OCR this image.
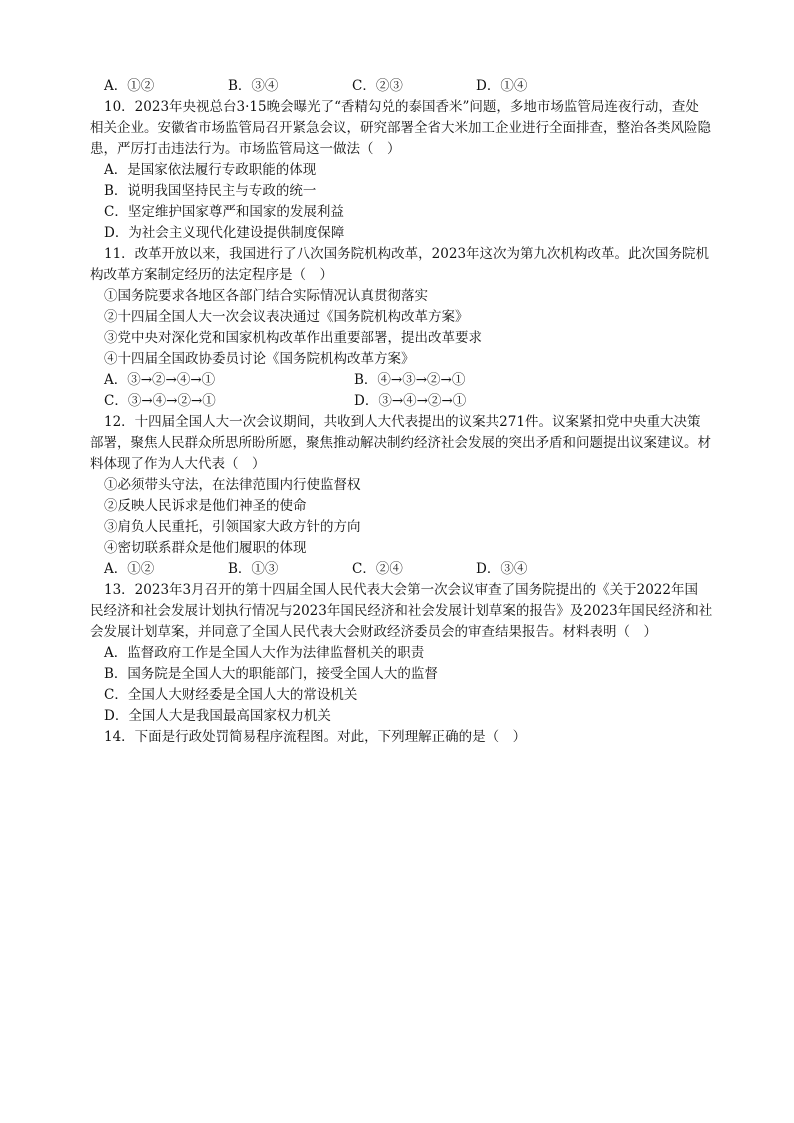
A．①②	B．③④	C．②③	D．①④
10．2023年央视总台3·15晚会曝光了“香精勾兑的泰国香米”问题，多地市场监管局连夜行动，查处
相关企业。安徽省市场监管局召开紧急会议，研究部署全省大米加工企业进行全面排查，整治各类风险隐
患，严厉打击违法行为。市场监管局这一做法（　）
A．是国家依法履行专政职能的体现
B．说明我国坚持民主与专政的统一
C．坚定维护国家尊严和国家的发展利益
D．为社会主义现代化建设提供制度保障
11．改革开放以来，我国进行了八次国务院机构改革，2023年这次为第九次机构改革。此次国务院机
构改革方案制定经历的法定程序是（　）
①国务院要求各地区各部门结合实际情况认真贯彻落实
②十四届全国人大一次会议表决通过《国务院机构改革方案》
③党中央对深化党和国家机构改革作出重要部署，提出改革要求
④十四届全国政协委员讨论《国务院机构改革方案》
A．③→②→④→①	B．④→③→②→①
C．③→④→②→①	D．③→④→②→①
12．十四届全国人大一次会议期间，共收到人大代表提出的议案共271件。议案紧扣党中央重大决策
部署，聚焦人民群众所思所盼所愿，聚焦推动解决制约经济社会发展的突出矛盾和问题提出议案建议。材
料体现了作为人大代表（　）
①必须带头守法，在法律范围内行使监督权
②反映人民诉求是他们神圣的使命
③肩负人民重托，引领国家大政方针的方向
④密切联系群众是他们履职的体现
A．①②	B．①③	C．②④	D．③④
13．2023年3月召开的第十四届全国人民代表大会第一次会议审查了国务院提出的《关于2022年国
民经济和社会发展计划执行情况与2023年国民经济和社会发展计划草案的报告》及2023年国民经济和社
会发展计划草案，并同意了全国人民代表大会财政经济委员会的审查结果报告。材料表明（　）
A．监督政府工作是全国人大作为法律监督机关的职责
B．国务院是全国人大的职能部门，接受全国人大的监督
C．全国人大财经委是全国人大的常设机关
D．全国人大是我国最高国家权力机关
14．下面是行政处罚简易程序流程图。对此，下列理解正确的是（　）
